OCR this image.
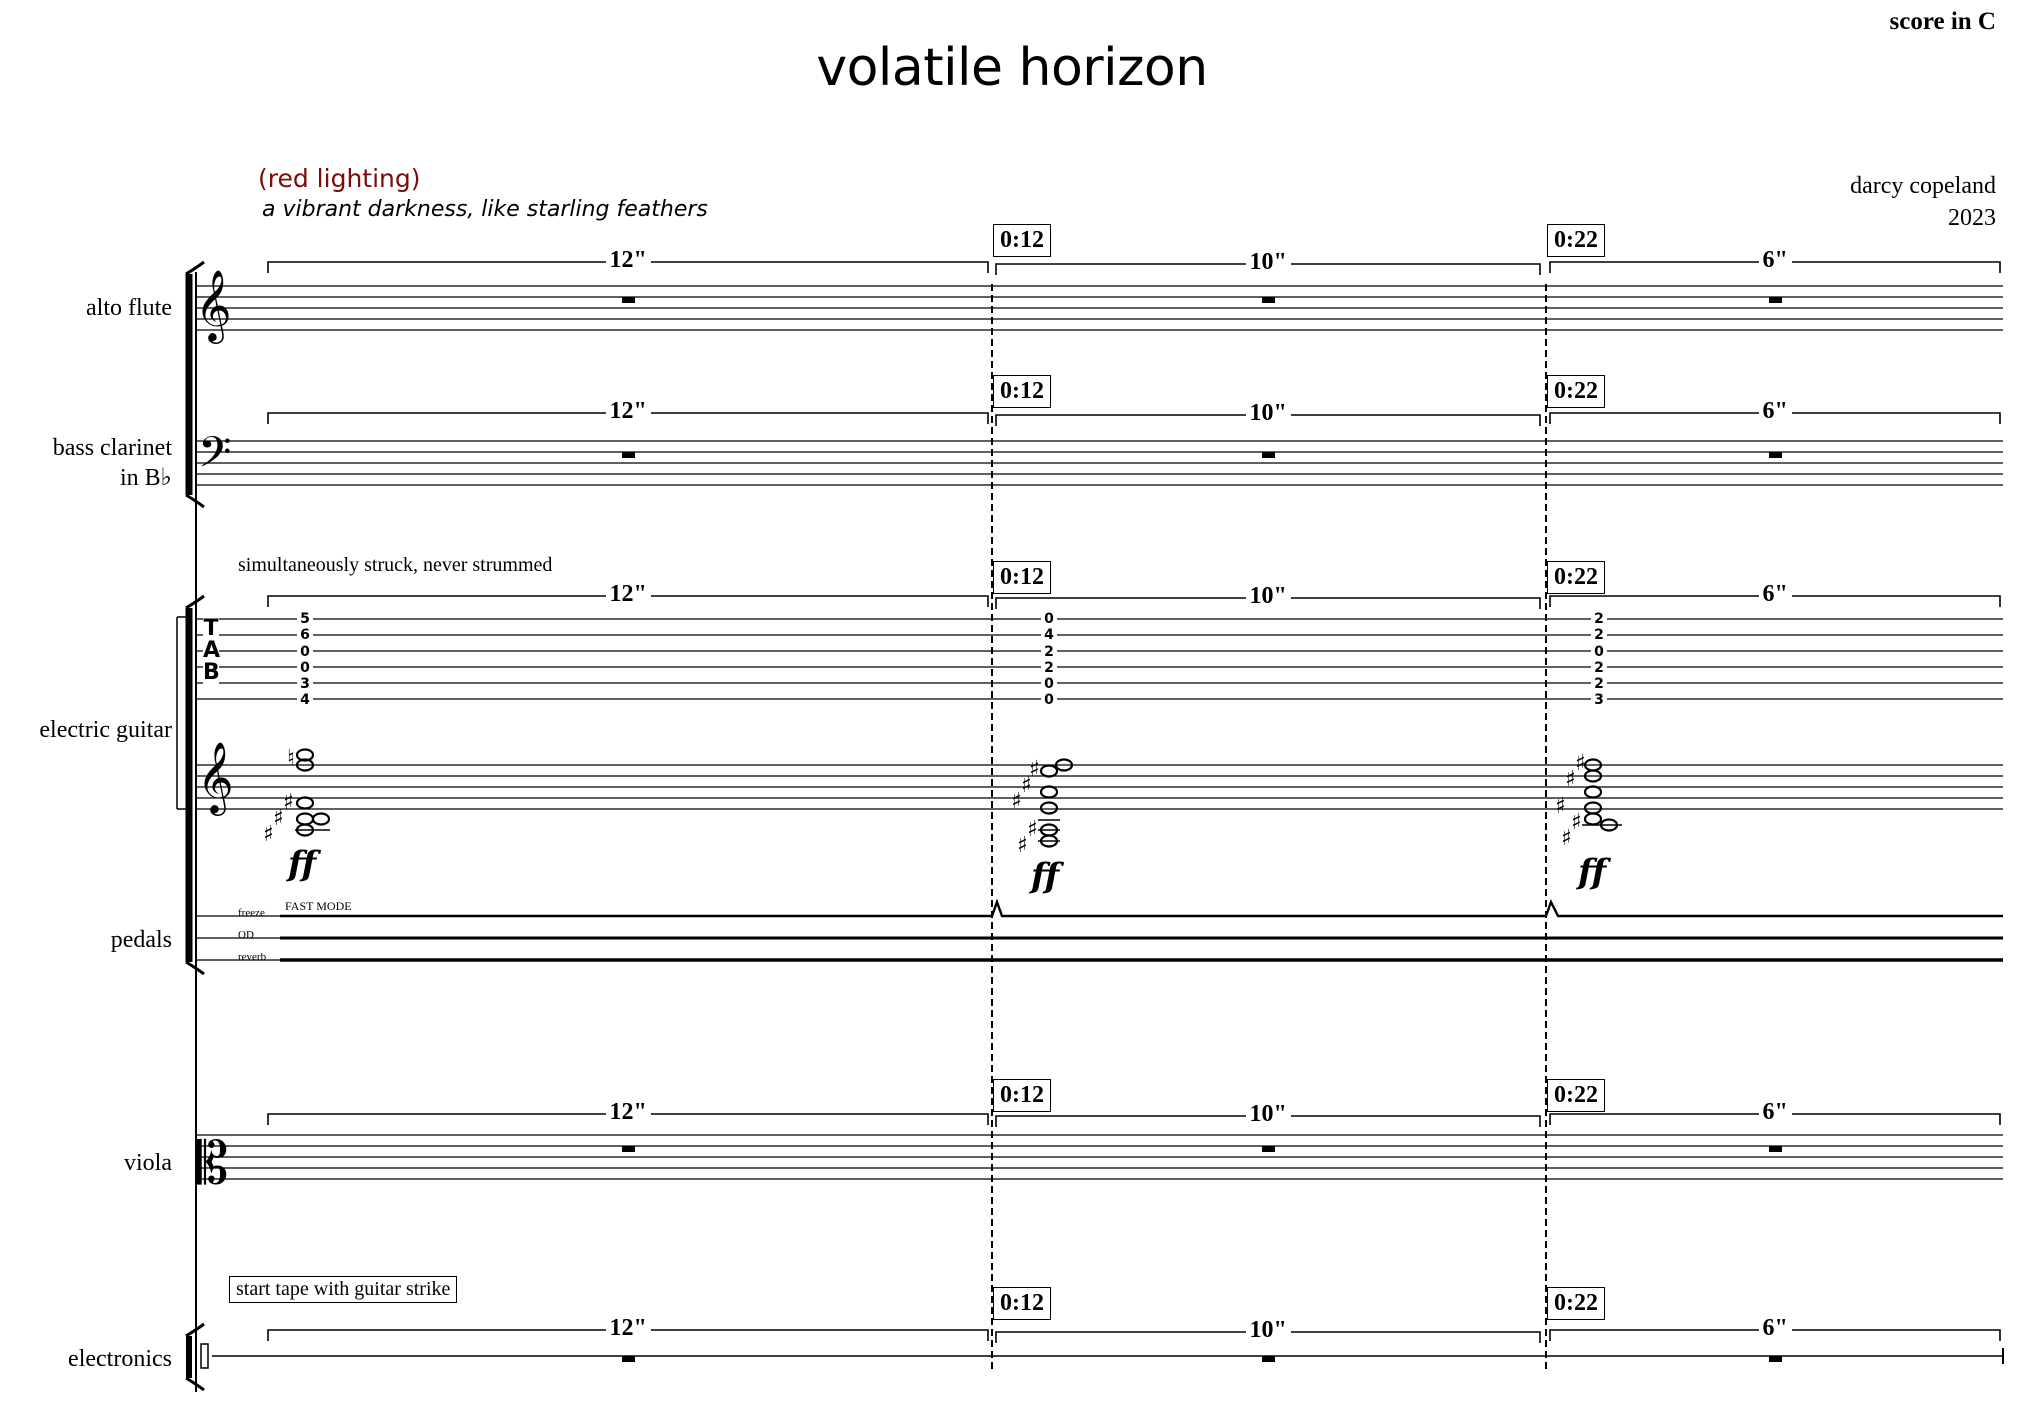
volatile horizon
score in C
darcy copeland
2023
(red lighting)
a vibrant darkness, like starling feathers
alto flute
bass clarinet
in B♭
electric guitar
pedals
viola
electronics
𝄞
𝄢
𝄞
𝄡
♮
♯
♯
♯
♯
♯
♯
♯
♯
♯
♯
♯
♯
♯
T
A
B
5
6
0
0
3
4
0
4
2
2
0
0
2
2
0
2
2
3
ff	ff	ff
freeze
OD
reverb
FAST MODE
simultaneously struck, never strummed
start tape with guitar strike
0:12	0:22
0:12	0:22
0:12	0:22
0:12	0:22
0:12	0:22
12"	10"	6"
12"	10"	6"
12"	10"	6"
12"	10"	6"
12"	10"	6"
